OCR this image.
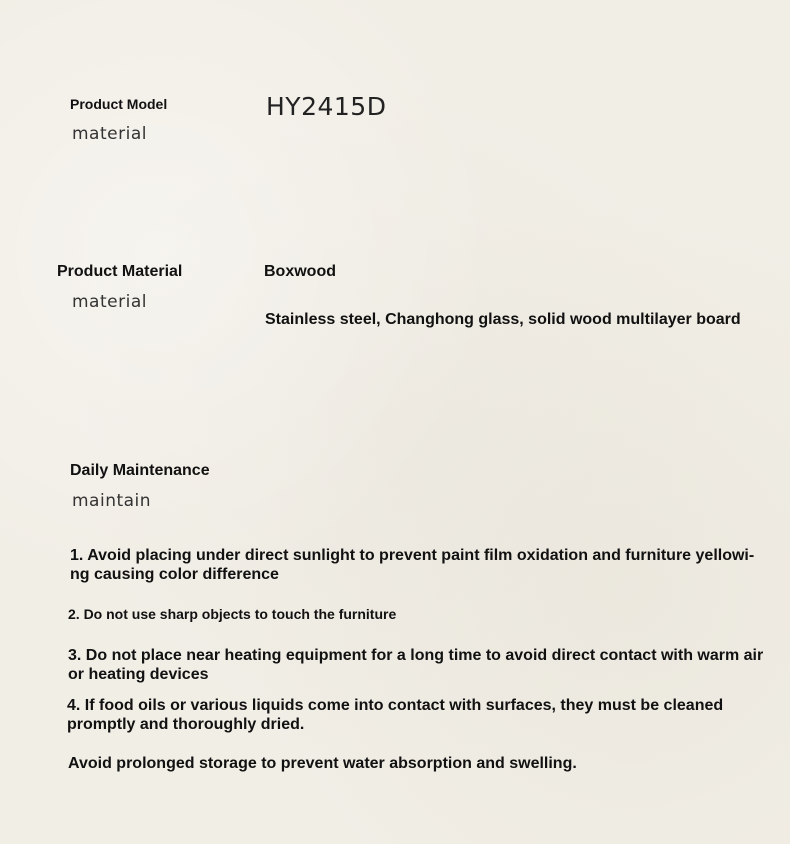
Product Model
material
HY2415D
Product Material
material
Boxwood
Stainless steel, Changhong glass, solid wood multilayer board
Daily Maintenance
maintain
1. Avoid placing under direct sunlight to prevent paint film oxidation and furniture yellowi-ng causing color difference
2. Do not use sharp objects to touch the furniture
3. Do not place near heating equipment for a long time to avoid direct contact with warm air or heating devices
4. If food oils or various liquids come into contact with surfaces, they must be cleaned promptly and thoroughly dried.
Avoid prolonged storage to prevent water absorption and swelling.
